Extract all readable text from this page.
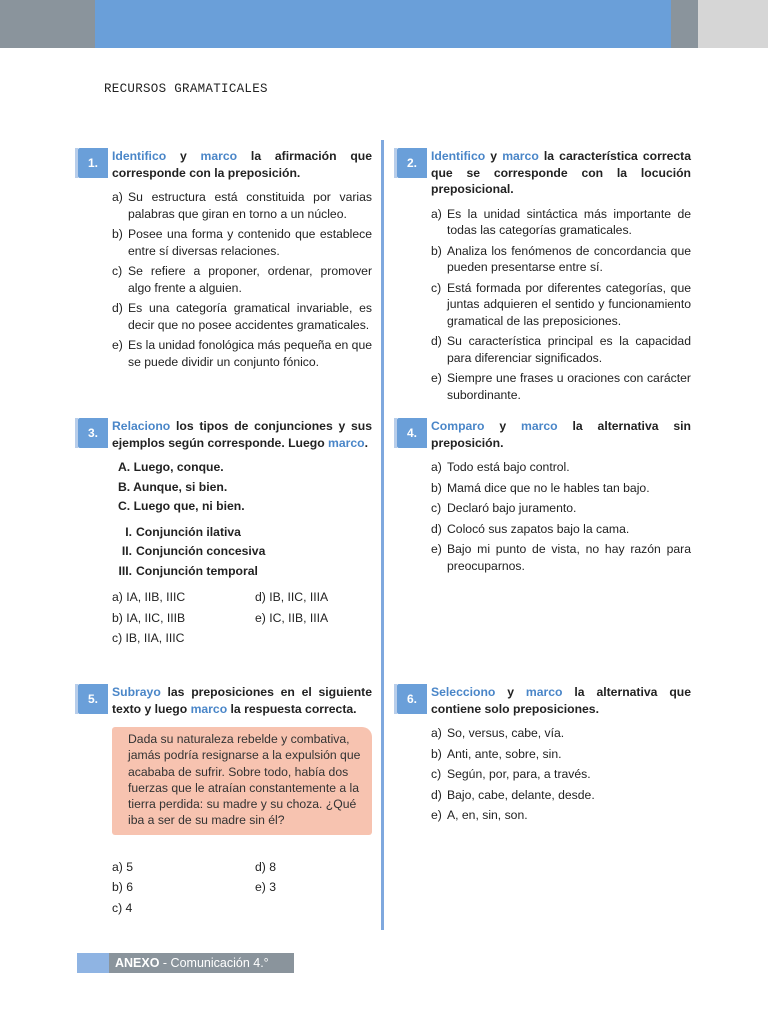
RECURSOS GRAMATICALES
1.	Identifico y marco la afirmación que corresponde con la preposición.
a) Su estructura está constituida por varias palabras que giran en torno a un núcleo.
b) Posee una forma y contenido que establece entre sí diversas relaciones.
c) Se refiere a proponer, ordenar, promover algo frente a alguien.
d) Es una categoría gramatical invariable, es decir que no posee accidentes gramaticales.
e) Es la unidad fonológica más pequeña en que se puede dividir un conjunto fónico.
2.	Identifico y marco la característica correcta que se corresponde con la locución preposicional.
a) Es la unidad sintáctica más importante de todas las categorías gramaticales.
b) Analiza los fenómenos de concordancia que pueden presentarse entre sí.
c) Está formada por diferentes categorías, que juntas adquieren el sentido y funcionamiento gramatical de las preposiciones.
d) Su característica principal es la capacidad para diferenciar significados.
e) Siempre une frases u oraciones con carácter subordinante.
3.	Relaciono los tipos de conjunciones y sus ejemplos según corresponde. Luego marco.
A. Luego, conque.
B. Aunque, si bien.
C. Luego que, ni bien.
I. Conjunción ilativa
II. Conjunción concesiva
III. Conjunción temporal
a) IA, IIB, IIIC	d) IB, IIC, IIIA
b) IA, IIC, IIIB	e) IC, IIB, IIIA
c) IB, IIA, IIIC
4.	Comparo y marco la alternativa sin preposición.
a) Todo está bajo control.
b) Mamá dice que no le hables tan bajo.
c) Declaró bajo juramento.
d) Colocó sus zapatos bajo la cama.
e) Bajo mi punto de vista, no hay razón para preocuparnos.
5.	Subrayo las preposiciones en el siguiente texto y luego marco la respuesta correcta.
Dada su naturaleza rebelde y combativa, jamás podría resignarse a la expulsión que acababa de sufrir. Sobre todo, había dos fuerzas que le atraían constantemente a la tierra perdida: su madre y su choza. ¿Qué iba a ser de su madre sin él?
a) 5	d) 8
b) 6	e) 3
c) 4
6.	Selecciono y marco la alternativa que contiene solo preposiciones.
a) So, versus, cabe, vía.
b) Anti, ante, sobre, sin.
c) Según, por, para, a través.
d) Bajo, cabe, delante, desde.
e) A, en, sin, son.
ANEXO - Comunicación 4.°
